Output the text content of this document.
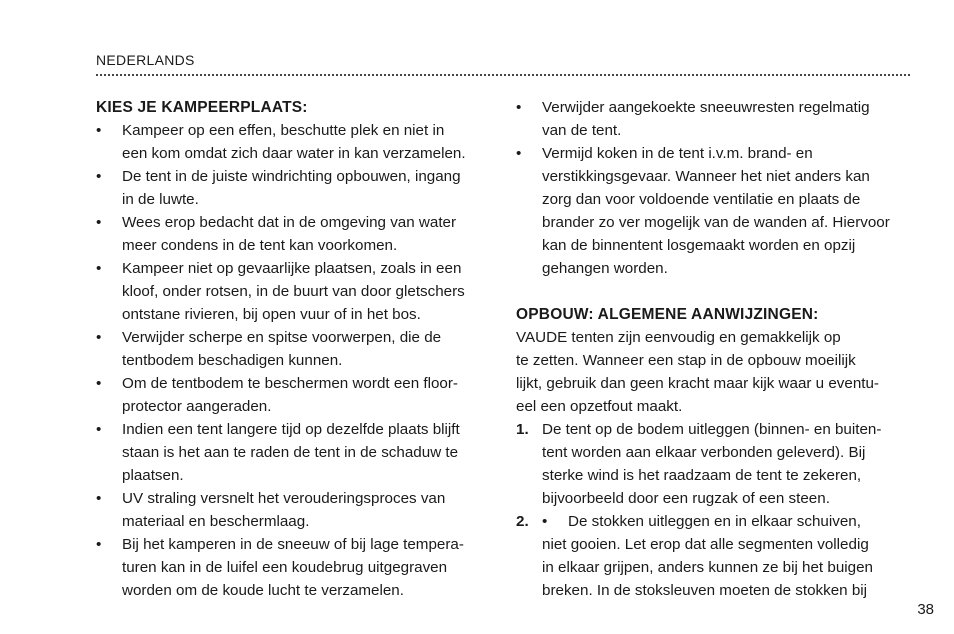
NEDERLANDS

KIES JE KAMPEERPLAATS:

• Kampeer op een effen, beschutte plek en niet in
een kom omdat zich daar water in kan verzamelen.
• De tent in de juiste windrichting opbouwen, ingang
in de luwte.
• Wees erop bedacht dat in de omgeving van water
meer condens in de tent kan voorkomen.
• Kampeer niet op gevaarlijke plaatsen, zoals in een
kloof, onder rotsen, in de buurt van door gletschers
ontstane rivieren, bij open vuur of in het bos.
• Verwijder scherpe en spitse voorwerpen, die de
tentbodem beschadigen kunnen.
• Om de tentbodem te beschermen wordt een floor-
protector aangeraden.
• Indien een tent langere tijd op dezelfde plaats blijft
staan is het aan te raden de tent in de schaduw te
plaatsen.
• UV straling versnelt het verouderingsproces van
materiaal en beschermlaag.
• Bij het kamperen in de sneeuw of bij lage tempera-
turen kan in de luifel een koudebrug uitgegraven
worden om de koude lucht te verzamelen.
• Verwijder aangekoekte sneeuwresten regelmatig
van de tent.
• Vermijd koken in de tent i.v.m. brand- en
verstikkingsgevaar. Wanneer het niet anders kan
zorg dan voor voldoende ventilatie en plaats de
brander zo ver mogelijk van de wanden af. Hiervoor
kan de binnentent losgemaakt worden en opzij
gehangen worden.

OPBOUW: ALGEMENE AANWIJZINGEN:

VAUDE tenten zijn eenvoudig en gemakkelijk op
te zetten. Wanneer een stap in de opbouw moeilijk
lijkt, gebruik dan geen kracht maar kijk waar u eventu-
eel een opzetfout maakt.
1. De tent op de bodem uitleggen (binnen- en buiten-
tent worden aan elkaar verbonden geleverd). Bij
sterke wind is het raadzaam de tent te zekeren,
bijvoorbeeld door een rugzak of een steen.
2. • De stokken uitleggen en in elkaar schuiven,
niet gooien. Let erop dat alle segmenten volledig
in elkaar grijpen, anders kunnen ze bij het buigen
breken. In de stoksleuven moeten de stokken bij
38
